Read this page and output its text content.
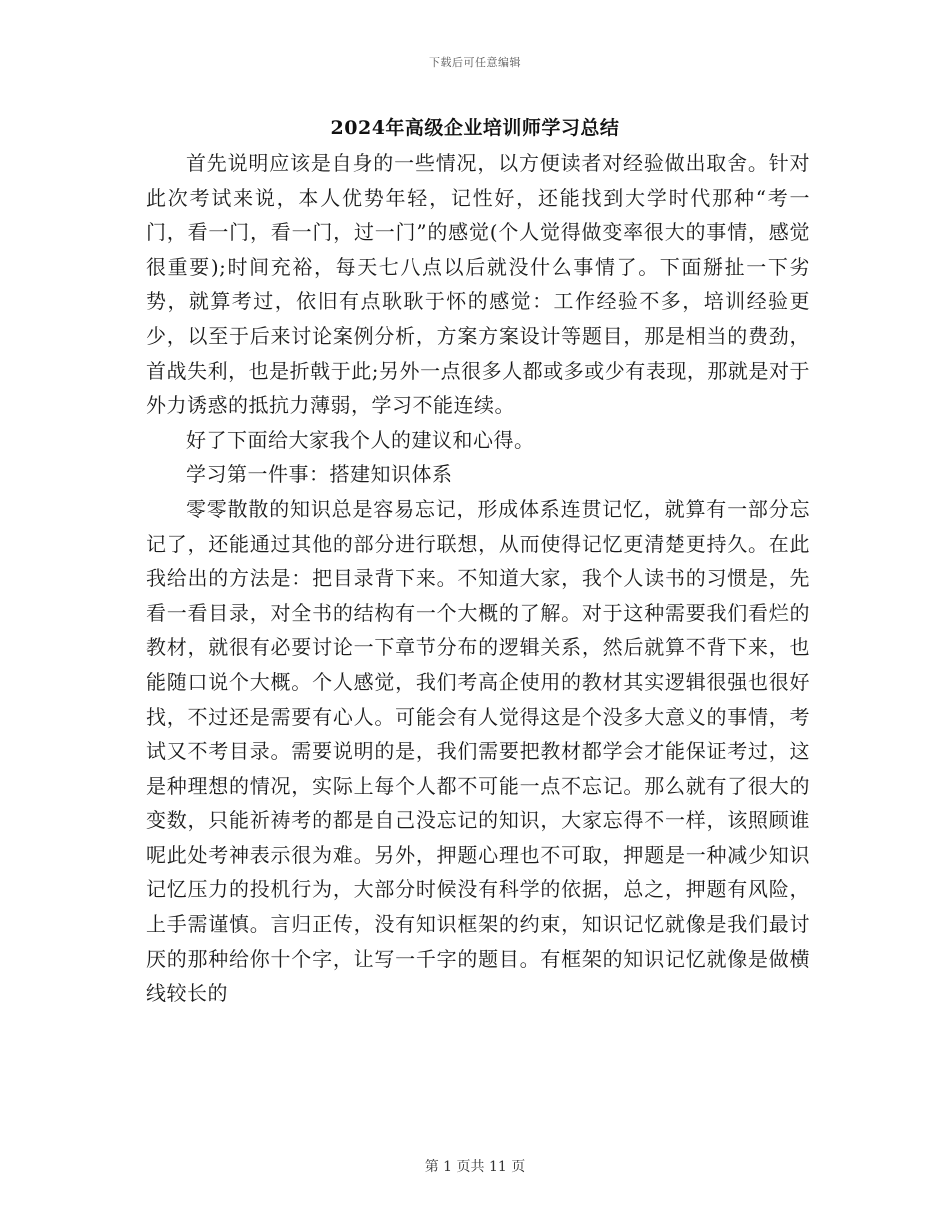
下载后可任意编辑
2024年高级企业培训师学习总结

首先说明应该是自身的一些情况，以方便读者对经验做出取舍。针对此次考试来说，本人优势年轻，记性好，还能找到大学时代那种“考一门，看一门，看一门，过一门”的感觉(个人觉得做变率很大的事情，感觉很重要);时间充裕，每天七八点以后就没什么事情了。下面掰扯一下劣势，就算考过，依旧有点耿耿于怀的感觉：工作经验不多，培训经验更少，以至于后来讨论案例分析，方案方案设计等题目，那是相当的费劲，首战失利，也是折戟于此;另外一点很多人都或多或少有表现，那就是对于外力诱惑的抵抗力薄弱，学习不能连续。

好了下面给大家我个人的建议和心得。

学习第一件事：搭建知识体系

零零散散的知识总是容易忘记，形成体系连贯记忆，就算有一部分忘记了，还能通过其他的部分进行联想，从而使得记忆更清楚更持久。在此我给出的方法是：把目录背下来。不知道大家，我个人读书的习惯是，先看一看目录，对全书的结构有一个大概的了解。对于这种需要我们看烂的教材，就很有必要讨论一下章节分布的逻辑关系，然后就算不背下来，也能随口说个大概。个人感觉，我们考高企使用的教材其实逻辑很强也很好找，不过还是需要有心人。可能会有人觉得这是个没多大意义的事情，考试又不考目录。需要说明的是，我们需要把教材都学会才能保证考过，这是种理想的情况，实际上每个人都不可能一点不忘记。那么就有了很大的变数，只能祈祷考的都是自己没忘记的知识，大家忘得不一样，该照顾谁呢此处考神表示很为难。另外，押题心理也不可取，押题是一种减少知识记忆压力的投机行为，大部分时候没有科学的依据，总之，押题有风险，上手需谨慎。言归正传，没有知识框架的约束，知识记忆就像是我们最讨厌的那种给你十个字，让写一千字的题目。有框架的知识记忆就像是做横线较长的

第 1 页共 11 页
